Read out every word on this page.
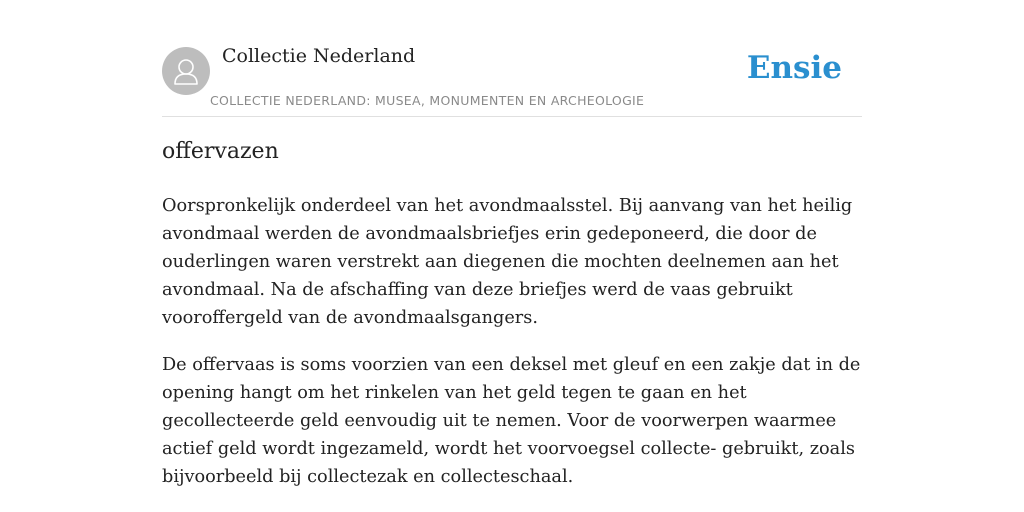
Collectie Nederland
COLLECTIE NEDERLAND: MUSEA, MONUMENTEN EN ARCHEOLOGIE
Ensie
offervazen

Oorspronkelijk onderdeel van het avondmaalsstel. Bij aanvang van het heilig avondmaal werden de avondmaalsbriefjes erin gedeponeerd, die door de ouderlingen waren verstrekt aan diegenen die mochten deelnemen aan het avondmaal. Na de afschaffing van deze briefjes werd de vaas gebruikt vooroffergeld van de avondmaalsgangers.

De offervaas is soms voorzien van een deksel met gleuf en een zakje dat in de opening hangt om het rinkelen van het geld tegen te gaan en het gecollecteerde geld eenvoudig uit te nemen. Voor de voorwerpen waarmee actief geld wordt ingezameld, wordt het voorvoegsel collecte- gebruikt, zoals bijvoorbeeld bij collectezak en collecteschaal.
